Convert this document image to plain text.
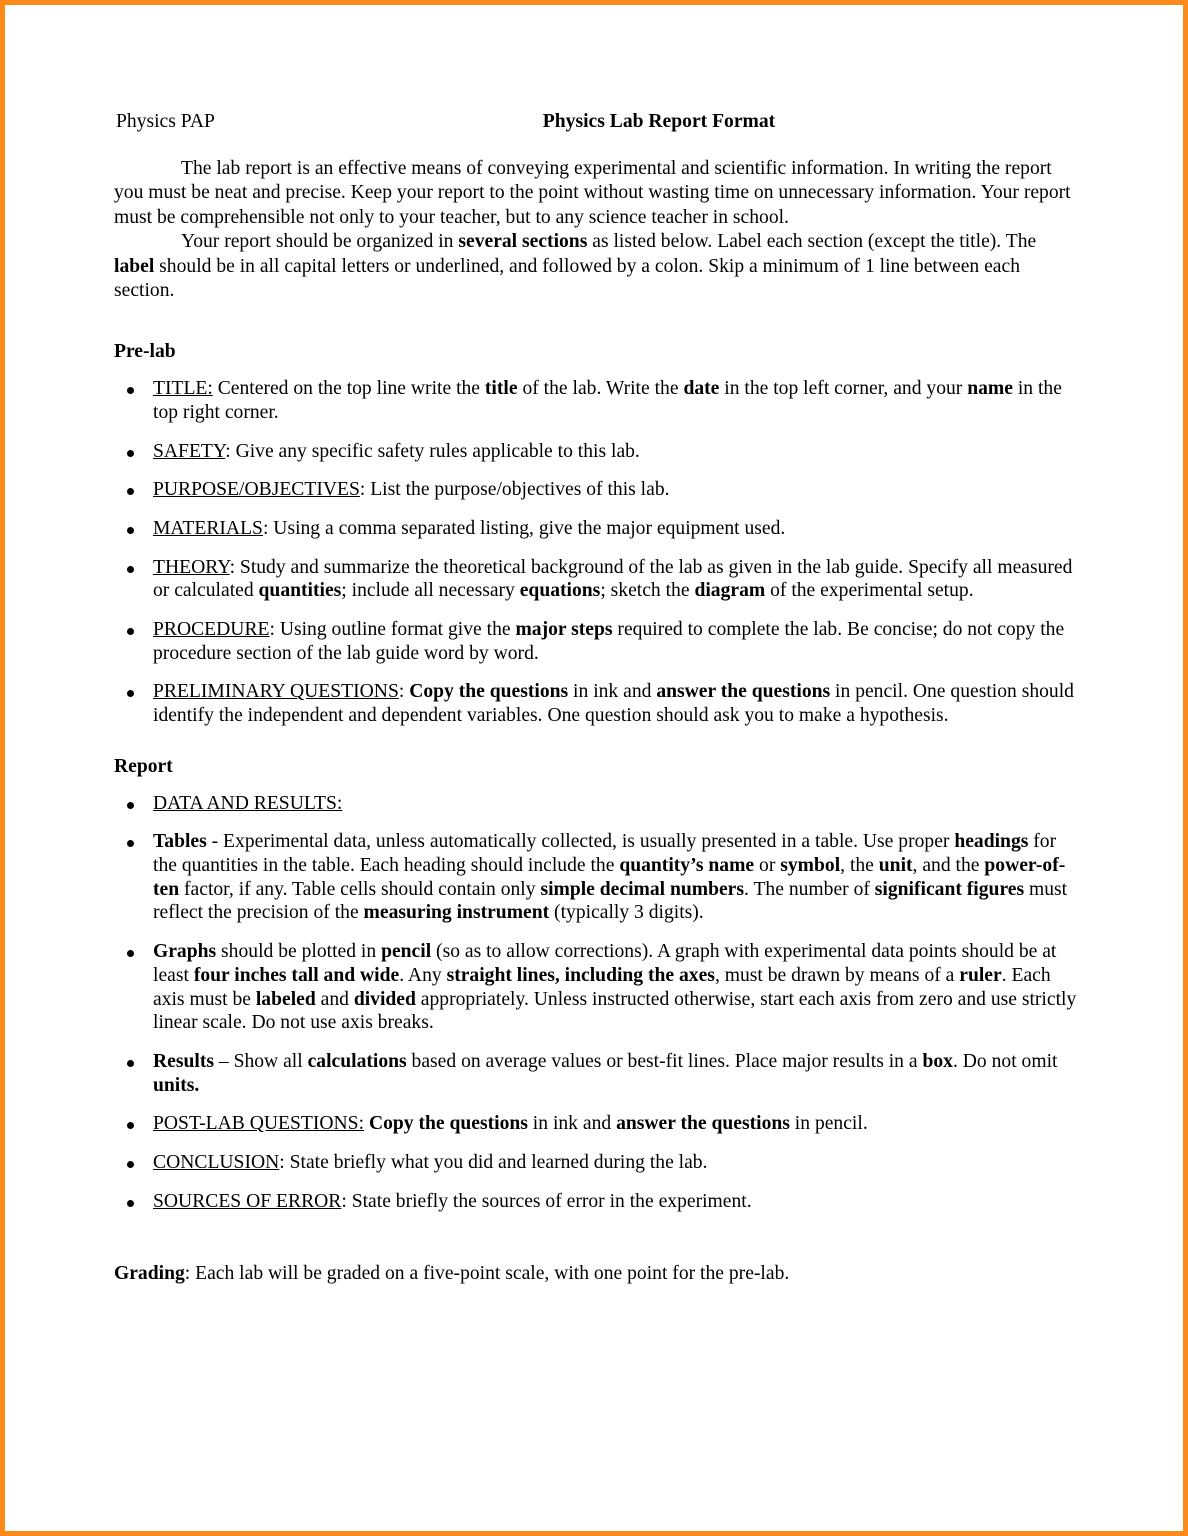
Physics PAP	Physics Lab Report Format

The lab report is an effective means of conveying experimental and scientific information. In writing the report you must be neat and precise. Keep your report to the point without wasting time on unnecessary information. Your report must be comprehensible not only to your teacher, but to any science teacher in school.

Your report should be organized in several sections as listed below. Label each section (except the title). The label should be in all capital letters or underlined, and followed by a colon. Skip a minimum of 1 line between each section.

Pre-lab
TITLE: Centered on the top line write the title of the lab. Write the date in the top left corner, and your name in the top right corner.
SAFETY: Give any specific safety rules applicable to this lab.
PURPOSE/OBJECTIVES: List the purpose/objectives of this lab.
MATERIALS: Using a comma separated listing, give the major equipment used.
THEORY: Study and summarize the theoretical background of the lab as given in the lab guide. Specify all measured or calculated quantities; include all necessary equations; sketch the diagram of the experimental setup.
PROCEDURE: Using outline format give the major steps required to complete the lab. Be concise; do not copy the procedure section of the lab guide word by word.
PRELIMINARY QUESTIONS: Copy the questions in ink and answer the questions in pencil. One question should identify the independent and dependent variables. One question should ask you to make a hypothesis.
Report
DATA AND RESULTS:
Tables - Experimental data, unless automatically collected, is usually presented in a table. Use proper headings for the quantities in the table. Each heading should include the quantity’s name or symbol, the unit, and the power-of-ten factor, if any. Table cells should contain only simple decimal numbers. The number of significant figures must reflect the precision of the measuring instrument (typically 3 digits).
Graphs should be plotted in pencil (so as to allow corrections). A graph with experimental data points should be at least four inches tall and wide. Any straight lines, including the axes, must be drawn by means of a ruler. Each axis must be labeled and divided appropriately. Unless instructed otherwise, start each axis from zero and use strictly linear scale. Do not use axis breaks.
Results – Show all calculations based on average values or best-fit lines. Place major results in a box. Do not omit units.
POST-LAB QUESTIONS: Copy the questions in ink and answer the questions in pencil.
CONCLUSION: State briefly what you did and learned during the lab.
SOURCES OF ERROR: State briefly the sources of error in the experiment.

Grading: Each lab will be graded on a five-point scale, with one point for the pre-lab.
